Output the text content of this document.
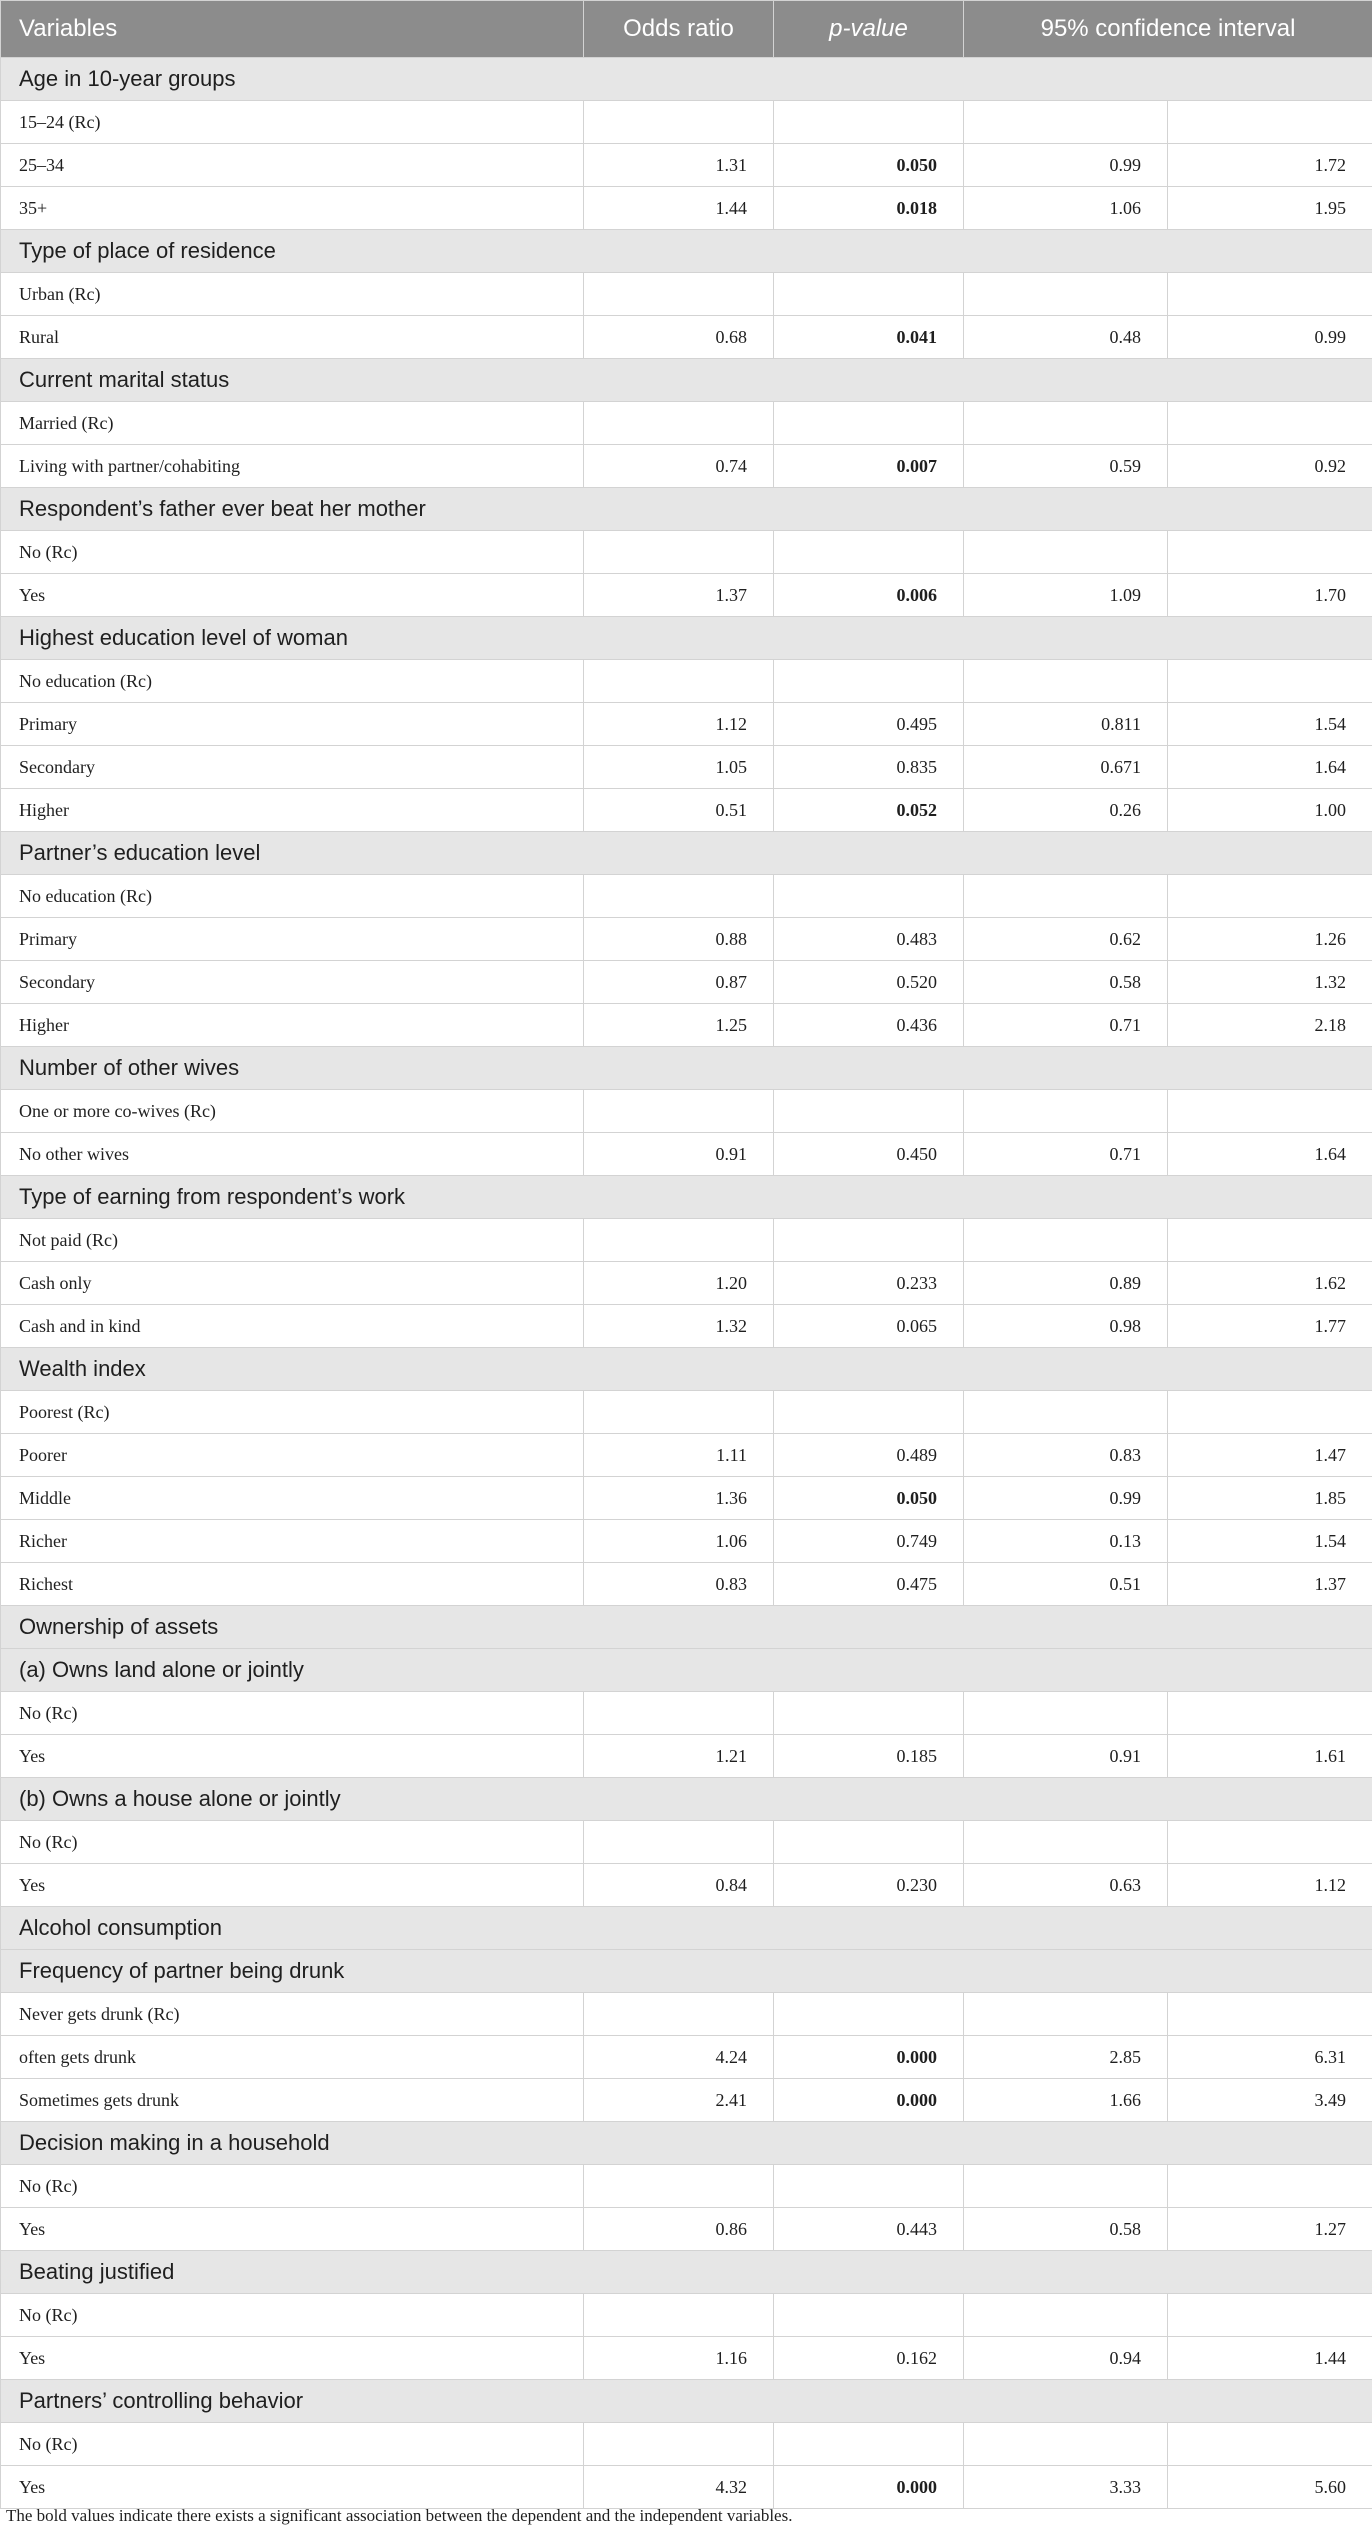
Variables	Odds ratio	p-value	95% confidence interval	
Age in 10-year groups				
15–24 (Rc)				
25–34	1.31	0.050	0.99	1.72
35+	1.44	0.018	1.06	1.95
Type of place of residence				
Urban (Rc)				
Rural	0.68	0.041	0.48	0.99
Current marital status				
Married (Rc)				
Living with partner/cohabiting	0.74	0.007	0.59	0.92
Respondent’s father ever beat her mother				
No (Rc)				
Yes	1.37	0.006	1.09	1.70
Highest education level of woman				
No education (Rc)				
Primary	1.12	0.495	0.811	1.54
Secondary	1.05	0.835	0.671	1.64
Higher	0.51	0.052	0.26	1.00
Partner’s education level				
No education (Rc)				
Primary	0.88	0.483	0.62	1.26
Secondary	0.87	0.520	0.58	1.32
Higher	1.25	0.436	0.71	2.18
Number of other wives				
One or more co-wives (Rc)				
No other wives	0.91	0.450	0.71	1.64
Type of earning from respondent’s work				
Not paid (Rc)				
Cash only	1.20	0.233	0.89	1.62
Cash and in kind	1.32	0.065	0.98	1.77
Wealth index				
Poorest (Rc)				
Poorer	1.11	0.489	0.83	1.47
Middle	1.36	0.050	0.99	1.85
Richer	1.06	0.749	0.13	1.54
Richest	0.83	0.475	0.51	1.37
Ownership of assets				
(a) Owns land alone or jointly				
No (Rc)				
Yes	1.21	0.185	0.91	1.61
(b) Owns a house alone or jointly				
No (Rc)				
Yes	0.84	0.230	0.63	1.12
Alcohol consumption				
Frequency of partner being drunk				
Never gets drunk (Rc)				
often gets drunk	4.24	0.000	2.85	6.31
Sometimes gets drunk	2.41	0.000	1.66	3.49
Decision making in a household				
No (Rc)				
Yes	0.86	0.443	0.58	1.27
Beating justified				
No (Rc)				
Yes	1.16	0.162	0.94	1.44
Partners’ controlling behavior				
No (Rc)				
Yes	4.32	0.000	3.33	5.60
The bold values indicate there exists a significant association between the dependent and the independent variables.
